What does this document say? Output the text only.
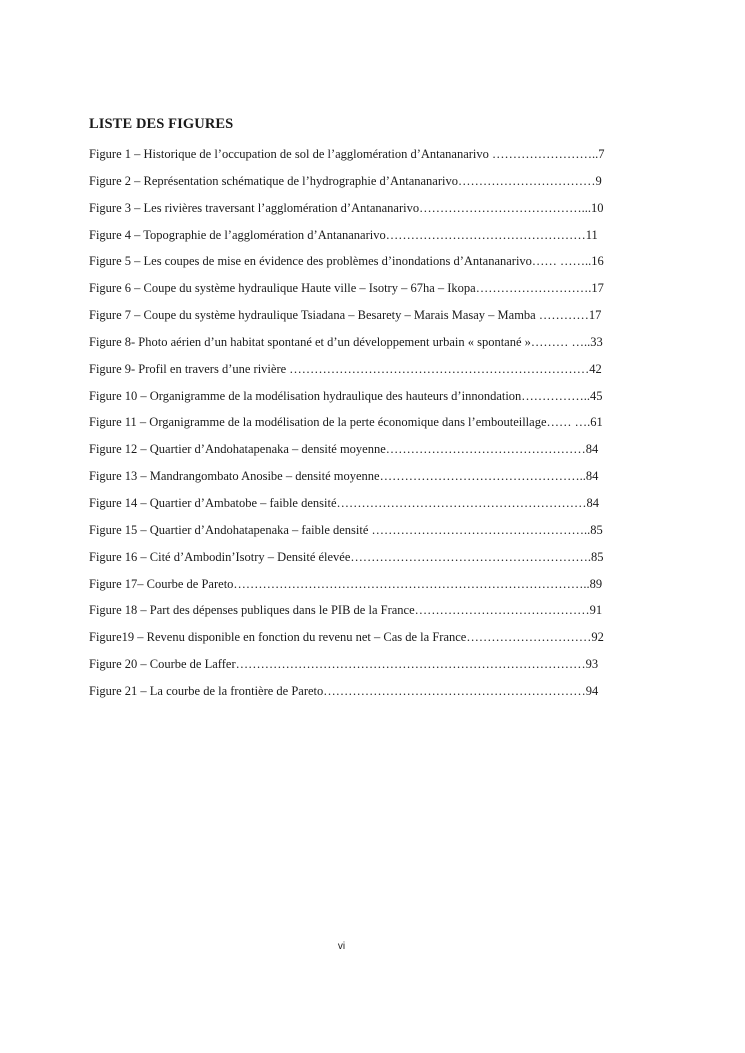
LISTE DES FIGURES
Figure 1 – Historique de l’occupation de sol de l’agglomération d’Antananarivo ……………………..7
Figure 2 – Représentation schématique de l’hydrographie d’Antananarivo……………………………9
Figure 3 – Les rivières traversant l’agglomération d’Antananarivo…………………………………...10
Figure 4 – Topographie de l’agglomération d’Antananarivo…………………………………………11
Figure 5 – Les coupes de mise en évidence des problèmes d’inondations d’Antananarivo…… ……..16
Figure 6 – Coupe du système hydraulique Haute ville – Isotry – 67ha – Ikopa……………………….17
Figure 7 – Coupe du système hydraulique Tsiadana – Besarety – Marais Masay – Mamba …………17
Figure 8- Photo aérien d’un habitat spontané et d’un développement urbain « spontané »……… …..33
Figure 9- Profil en travers d’une rivière ………………………………………………………………42
Figure 10 – Organigramme de la modélisation hydraulique des hauteurs d’innondation……………..45
Figure 11 – Organigramme de la modélisation de la perte économique dans l’embouteillage…… ….61
Figure 12 – Quartier d’Andohatapenaka – densité moyenne…………………………………………84
Figure 13 – Mandrangombato Anosibe – densité moyenne…………………………………………..84
Figure 14 – Quartier d’Ambatobe – faible densité……………………………………………………84
Figure 15 – Quartier d’Andohatapenaka – faible densité ……………………………………………..85
Figure 16 – Cité d’Ambodin’Isotry – Densité élevée………………………………………………….85
Figure 17– Courbe de Pareto…………………………………………………………………………..89
Figure 18 – Part des dépenses publiques dans le PIB de la France……………………………………91
Figure19 – Revenu disponible en fonction du revenu net – Cas de la France…………………………92
Figure 20 – Courbe de Laffer…………………………………………………………………………93
Figure 21 – La courbe de la frontière de Pareto………………………………………………………94
vi
